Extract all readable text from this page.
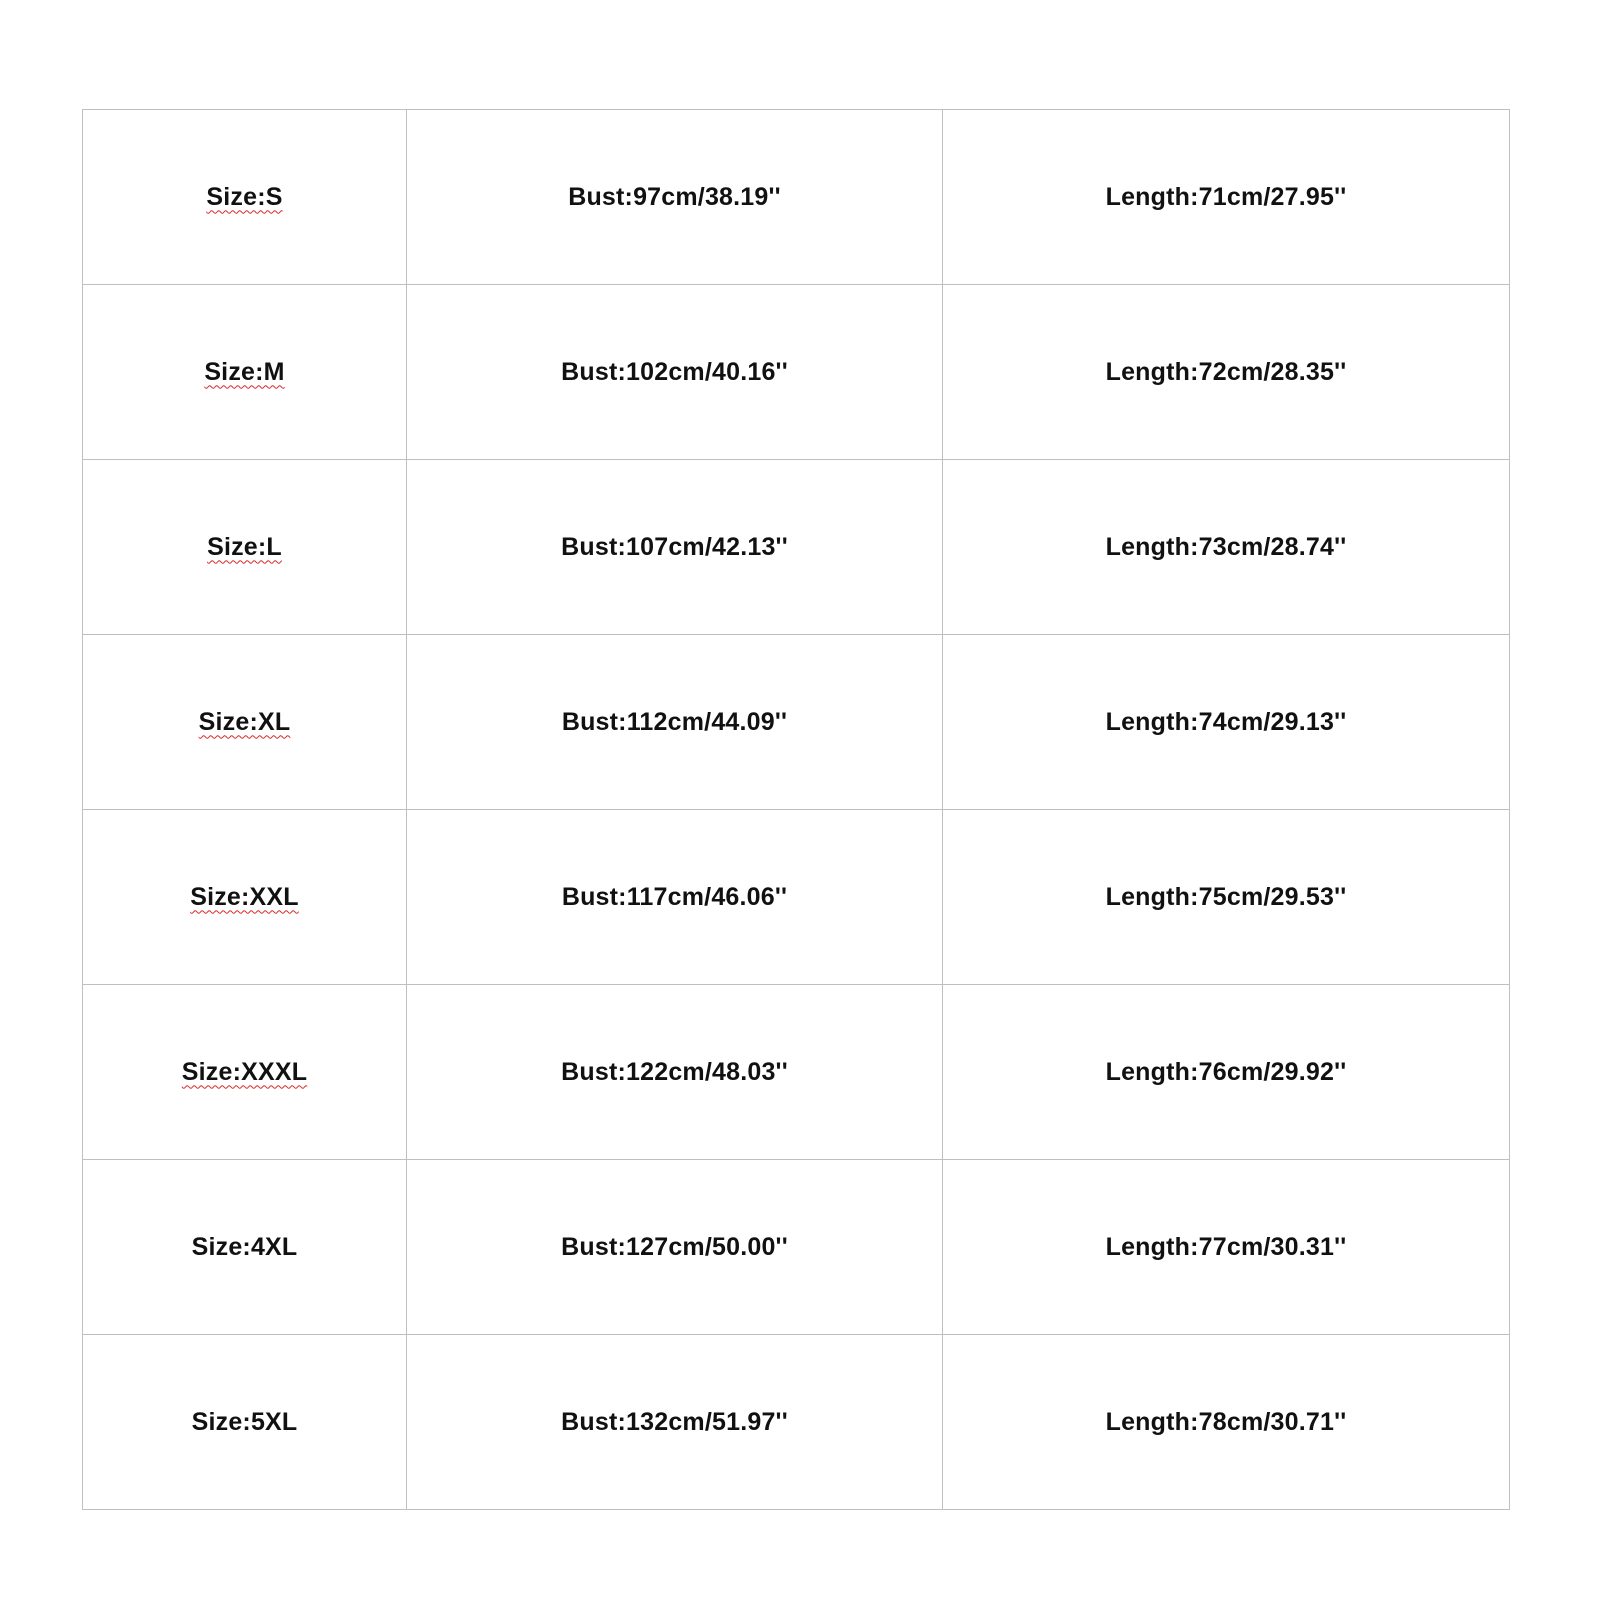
Size:S	Bust:97cm/38.19''	Length:71cm/27.95''
Size:M	Bust:102cm/40.16''	Length:72cm/28.35''
Size:L	Bust:107cm/42.13''	Length:73cm/28.74''
Size:XL	Bust:112cm/44.09''	Length:74cm/29.13''
Size:XXL	Bust:117cm/46.06''	Length:75cm/29.53''
Size:XXXL	Bust:122cm/48.03''	Length:76cm/29.92''
Size:4XL	Bust:127cm/50.00''	Length:77cm/30.31''
Size:5XL	Bust:132cm/51.97''	Length:78cm/30.71''
